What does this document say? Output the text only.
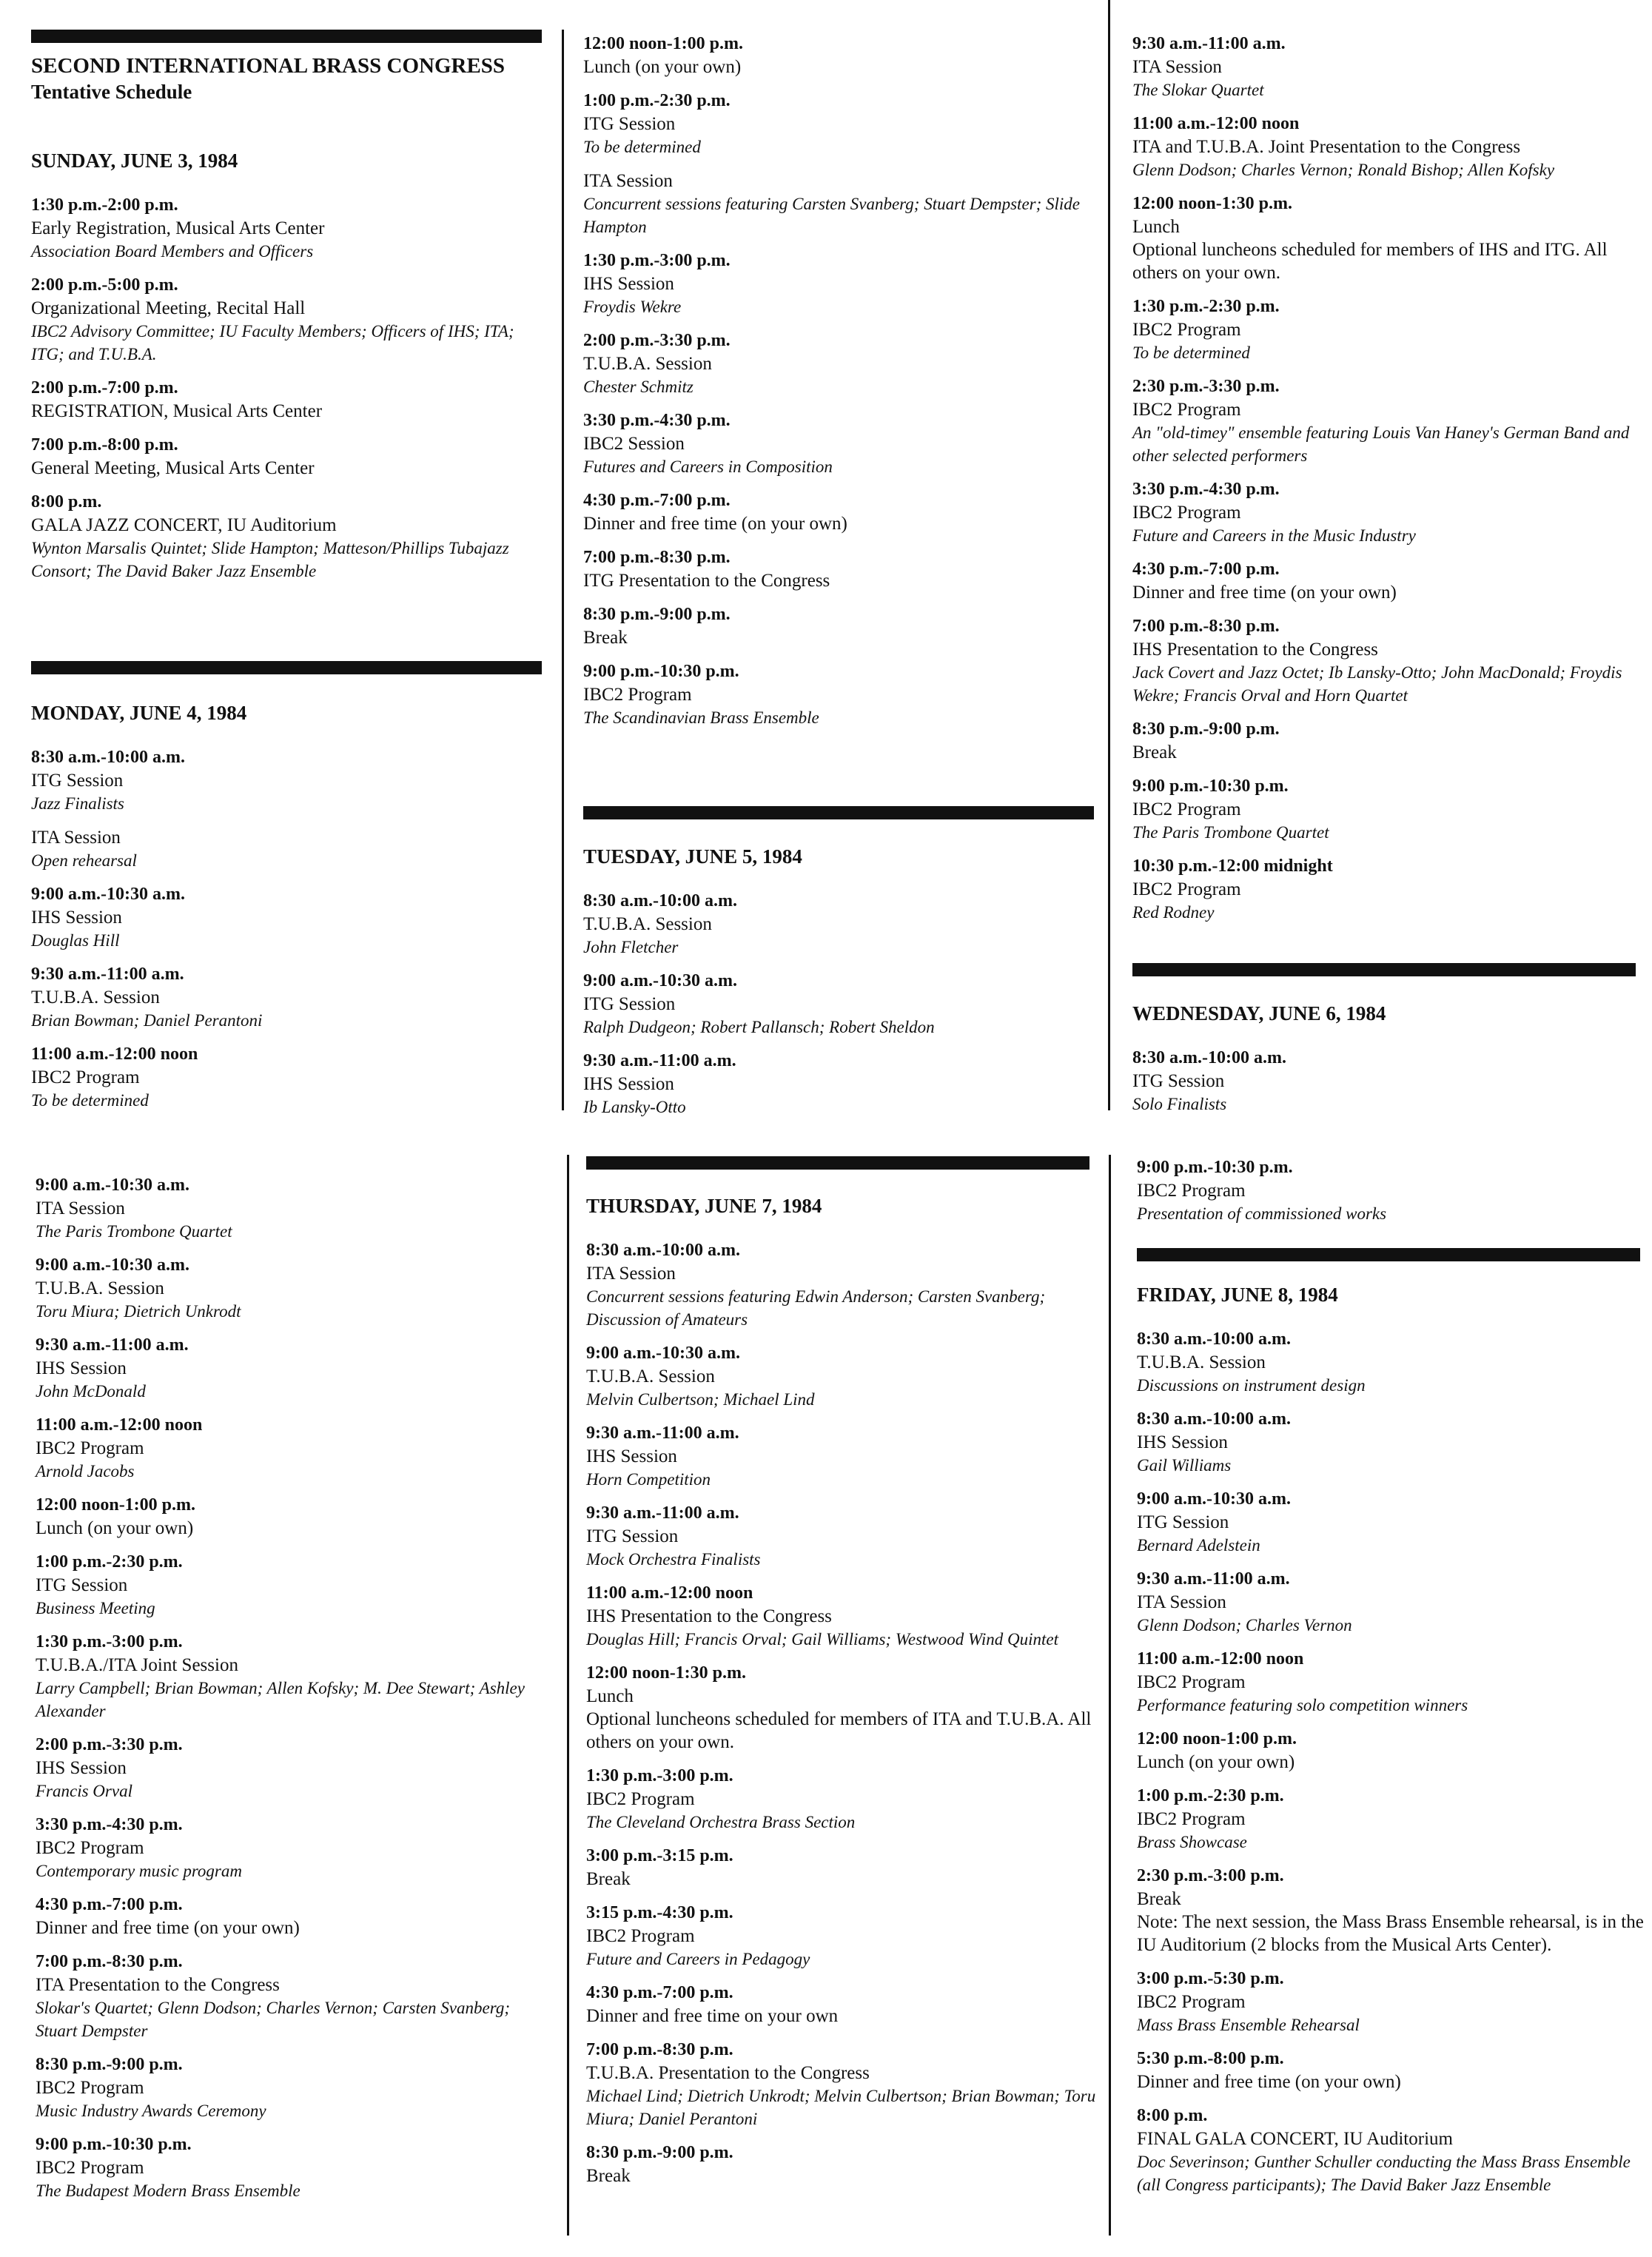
SECOND INTERNATIONAL BRASS CONGRESS
Tentative Schedule
SUNDAY, JUNE 3, 1984
1:30 p.m.-2:00 p.m.
Early Registration, Musical Arts Center
Association Board Members and Officers
2:00 p.m.-5:00 p.m.
Organizational Meeting, Recital Hall
IBC2 Advisory Committee; IU Faculty Members; Officers of IHS; ITA; ITG; and T.U.B.A.
2:00 p.m.-7:00 p.m.
REGISTRATION, Musical Arts Center
7:00 p.m.-8:00 p.m.
General Meeting, Musical Arts Center
8:00 p.m.
GALA JAZZ CONCERT, IU Auditorium
Wynton Marsalis Quintet; Slide Hampton; Matteson/Phillips Tubajazz Consort; The David Baker Jazz Ensemble
MONDAY, JUNE 4, 1984
8:30 a.m.-10:00 a.m.
ITG Session
Jazz Finalists
ITA Session
Open rehearsal
9:00 a.m.-10:30 a.m.
IHS Session
Douglas Hill
9:30 a.m.-11:00 a.m.
T.U.B.A. Session
Brian Bowman; Daniel Perantoni
11:00 a.m.-12:00 noon
IBC2 Program
To be determined
12:00 noon-1:00 p.m.
Lunch (on your own)
1:00 p.m.-2:30 p.m.
ITG Session
To be determined
ITA Session
Concurrent sessions featuring Carsten Svanberg; Stuart Dempster; Slide Hampton
1:30 p.m.-3:00 p.m.
IHS Session
Froydis Wekre
2:00 p.m.-3:30 p.m.
T.U.B.A. Session
Chester Schmitz
3:30 p.m.-4:30 p.m.
IBC2 Session
Futures and Careers in Composition
4:30 p.m.-7:00 p.m.
Dinner and free time (on your own)
7:00 p.m.-8:30 p.m.
ITG Presentation to the Congress
8:30 p.m.-9:00 p.m.
Break
9:00 p.m.-10:30 p.m.
IBC2 Program
The Scandinavian Brass Ensemble
TUESDAY, JUNE 5, 1984
8:30 a.m.-10:00 a.m.
T.U.B.A. Session
John Fletcher
9:00 a.m.-10:30 a.m.
ITG Session
Ralph Dudgeon; Robert Pallansch; Robert Sheldon
9:30 a.m.-11:00 a.m.
IHS Session
Ib Lansky-Otto
9:30 a.m.-11:00 a.m.
ITA Session
The Slokar Quartet
11:00 a.m.-12:00 noon
ITA and T.U.B.A. Joint Presentation to the Congress
Glenn Dodson; Charles Vernon; Ronald Bishop; Allen Kofsky
12:00 noon-1:30 p.m.
Lunch
Optional luncheons scheduled for members of IHS and ITG. All others on your own.
1:30 p.m.-2:30 p.m.
IBC2 Program
To be determined
2:30 p.m.-3:30 p.m.
IBC2 Program
An "old-timey" ensemble featuring Louis Van Haney's German Band and other selected performers
3:30 p.m.-4:30 p.m.
IBC2 Program
Future and Careers in the Music Industry
4:30 p.m.-7:00 p.m.
Dinner and free time (on your own)
7:00 p.m.-8:30 p.m.
IHS Presentation to the Congress
Jack Covert and Jazz Octet; Ib Lansky-Otto; John MacDonald; Froydis Wekre; Francis Orval and Horn Quartet
8:30 p.m.-9:00 p.m.
Break
9:00 p.m.-10:30 p.m.
IBC2 Program
The Paris Trombone Quartet
10:30 p.m.-12:00 midnight
IBC2 Program
Red Rodney
WEDNESDAY, JUNE 6, 1984
8:30 a.m.-10:00 a.m.
ITG Session
Solo Finalists
9:00 a.m.-10:30 a.m.
ITA Session
The Paris Trombone Quartet
9:00 a.m.-10:30 a.m.
T.U.B.A. Session
Toru Miura; Dietrich Unkrodt
9:30 a.m.-11:00 a.m.
IHS Session
John McDonald
11:00 a.m.-12:00 noon
IBC2 Program
Arnold Jacobs
12:00 noon-1:00 p.m.
Lunch (on your own)
1:00 p.m.-2:30 p.m.
ITG Session
Business Meeting
1:30 p.m.-3:00 p.m.
T.U.B.A./ITA Joint Session
Larry Campbell; Brian Bowman; Allen Kofsky; M. Dee Stewart; Ashley Alexander
2:00 p.m.-3:30 p.m.
IHS Session
Francis Orval
3:30 p.m.-4:30 p.m.
IBC2 Program
Contemporary music program
4:30 p.m.-7:00 p.m.
Dinner and free time (on your own)
7:00 p.m.-8:30 p.m.
ITA Presentation to the Congress
Slokar's Quartet; Glenn Dodson; Charles Vernon; Carsten Svanberg; Stuart Dempster
8:30 p.m.-9:00 p.m.
IBC2 Program
Music Industry Awards Ceremony
9:00 p.m.-10:30 p.m.
IBC2 Program
The Budapest Modern Brass Ensemble
THURSDAY, JUNE 7, 1984
8:30 a.m.-10:00 a.m.
ITA Session
Concurrent sessions featuring Edwin Anderson; Carsten Svanberg; Discussion of Amateurs
9:00 a.m.-10:30 a.m.
T.U.B.A. Session
Melvin Culbertson; Michael Lind
9:30 a.m.-11:00 a.m.
IHS Session
Horn Competition
9:30 a.m.-11:00 a.m.
ITG Session
Mock Orchestra Finalists
11:00 a.m.-12:00 noon
IHS Presentation to the Congress
Douglas Hill; Francis Orval; Gail Williams; Westwood Wind Quintet
12:00 noon-1:30 p.m.
Lunch
Optional luncheons scheduled for members of ITA and T.U.B.A. All others on your own.
1:30 p.m.-3:00 p.m.
IBC2 Program
The Cleveland Orchestra Brass Section
3:00 p.m.-3:15 p.m.
Break
3:15 p.m.-4:30 p.m.
IBC2 Program
Future and Careers in Pedagogy
4:30 p.m.-7:00 p.m.
Dinner and free time on your own
7:00 p.m.-8:30 p.m.
T.U.B.A. Presentation to the Congress
Michael Lind; Dietrich Unkrodt; Melvin Culbertson; Brian Bowman; Toru Miura; Daniel Perantoni
8:30 p.m.-9:00 p.m.
Break
9:00 p.m.-10:30 p.m.
IBC2 Program
Presentation of commissioned works
FRIDAY, JUNE 8, 1984
8:30 a.m.-10:00 a.m.
T.U.B.A. Session
Discussions on instrument design
8:30 a.m.-10:00 a.m.
IHS Session
Gail Williams
9:00 a.m.-10:30 a.m.
ITG Session
Bernard Adelstein
9:30 a.m.-11:00 a.m.
ITA Session
Glenn Dodson; Charles Vernon
11:00 a.m.-12:00 noon
IBC2 Program
Performance featuring solo competition winners
12:00 noon-1:00 p.m.
Lunch (on your own)
1:00 p.m.-2:30 p.m.
IBC2 Program
Brass Showcase
2:30 p.m.-3:00 p.m.
Break
Note: The next session, the Mass Brass Ensemble rehearsal, is in the IU Auditorium (2 blocks from the Musical Arts Center).
3:00 p.m.-5:30 p.m.
IBC2 Program
Mass Brass Ensemble Rehearsal
5:30 p.m.-8:00 p.m.
Dinner and free time (on your own)
8:00 p.m.
FINAL GALA CONCERT, IU Auditorium
Doc Severinson; Gunther Schuller conducting the Mass Brass Ensemble (all Congress participants); The David Baker Jazz Ensemble
